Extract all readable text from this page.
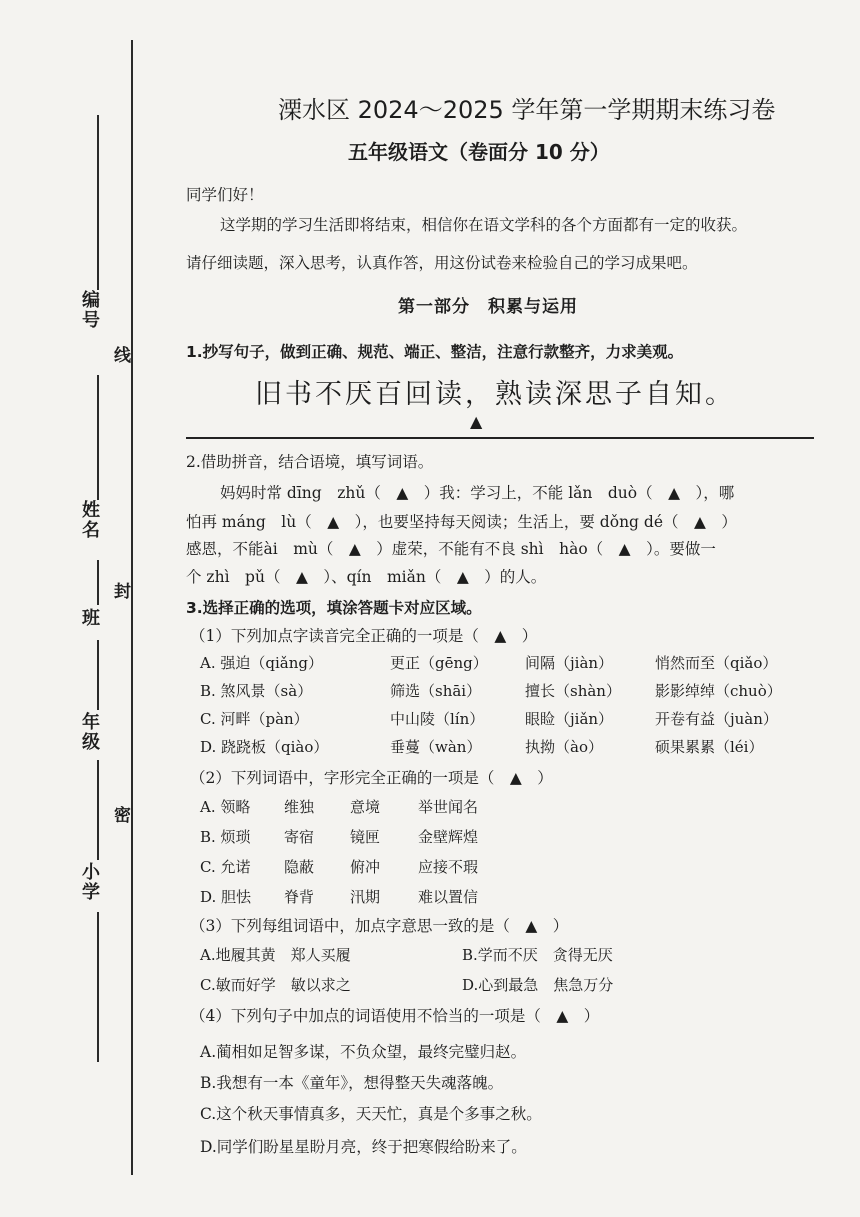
编号
线
姓名
封
班
年级
密
小学
溧水区 2024～2025 学年第一学期期末练习卷
五年级语文（卷面分 10 分）
同学们好！
这学期的学习生活即将结束，相信你在语文学科的各个方面都有一定的收获。
请仔细读题，深入思考，认真作答，用这份试卷来检验自己的学习成果吧。
第一部分　积累与运用
1.抄写句子，做到正确、规范、端正、整洁，注意行款整齐，力求美观。
旧书不厌百回读，熟读深思子自知。
▲
2.借助拼音，结合语境，填写词语。
妈妈时常 dīng　zhǔ（　▲　）我：学习上，不能 lǎn　duò（　▲　），哪
怕再 máng　lù（　▲　），也要坚持每天阅读；生活上，要 dǒng dé（　▲　）
感恩，不能ài　mù（　▲　）虚荣，不能有不良 shì　hào（　▲　）。要做一
个 zhì　pǔ（　▲　）、qín　miǎn（　▲　）的人。
3.选择正确的选项，填涂答题卡对应区域。
（1）下列加点字读音完全正确的一项是（　▲　）
A. 强迫（qiǎng）	更正（gēng） 间隔（jiàn）	悄然而至（qiǎo）
B. 煞风景（sà）	筛选（shāi）	擅长（shàn） 影影绰绰（chuò）
C. 河畔（pàn）	中山陵（lín）	眼睑（jiǎn）	开卷有益（juàn）
D. 跷跷板（qiào）	垂蔓（wàn）	执拗（ào）	硕果累累（léi）
（2）下列词语中，字形完全正确的一项是（　▲　）
A. 领略 维独 意境	举世闻名
B. 烦琐 寄宿 镜匣	金壁辉煌
C. 允诺 隐蔽 俯冲	应接不瑕
D. 胆怯 脊背 汛期	难以置信
（3）下列每组词语中，加点字意思一致的是（　▲　）
A.地履其黄　郑人买履	B.学而不厌　贪得无厌
C.敏而好学　敏以求之	D.心到最急　焦急万分
（4）下列句子中加点的词语使用不恰当的一项是（　▲　）
A.蔺相如足智多谋，不负众望，最终完璧归赵。
B.我想有一本《童年》，想得整天失魂落魄。
C.这个秋天事情真多，天天忙，真是个多事之秋。
D.同学们盼星星盼月亮，终于把寒假给盼来了。
